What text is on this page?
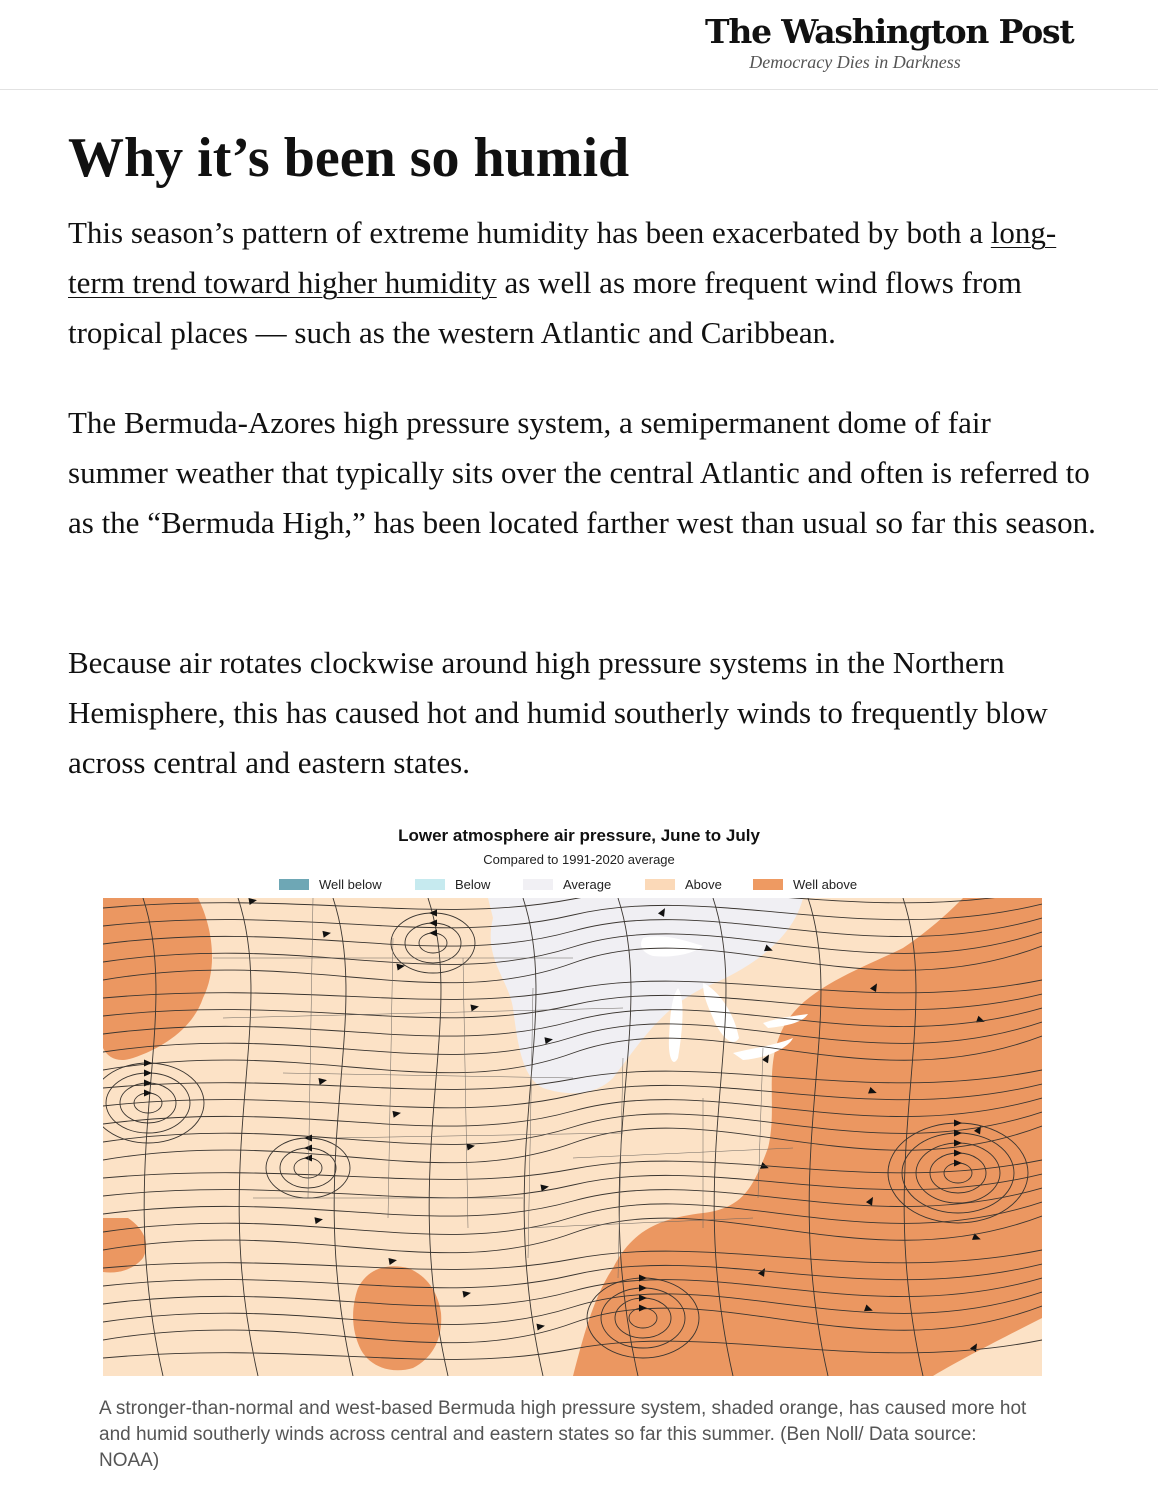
The Washington Post
Democracy Dies in Darkness
Why it’s been so humid

This season’s pattern of extreme humidity has been exacerbated by both a long-term trend toward higher humidity as well as more frequent wind flows from tropical places — such as the western Atlantic and Caribbean.

The Bermuda-Azores high pressure system, a semipermanent dome of fair summer weather that typically sits over the central Atlantic and often is referred to as the “Bermuda High,” has been located farther west than usual so far this season.

Because air rotates clockwise around high pressure systems in the Northern Hemisphere, this has caused hot and humid southerly winds to frequently blow across central and eastern states.

Lower atmosphere air pressure, June to July
Compared to 1991-2020 average
Well below	Below	Average	Above	Well above
A stronger-than-normal and west-based Bermuda high pressure system, shaded orange, has caused more hot and humid southerly winds across central and eastern states so far this summer. (Ben Noll/ Data source: NOAA)
